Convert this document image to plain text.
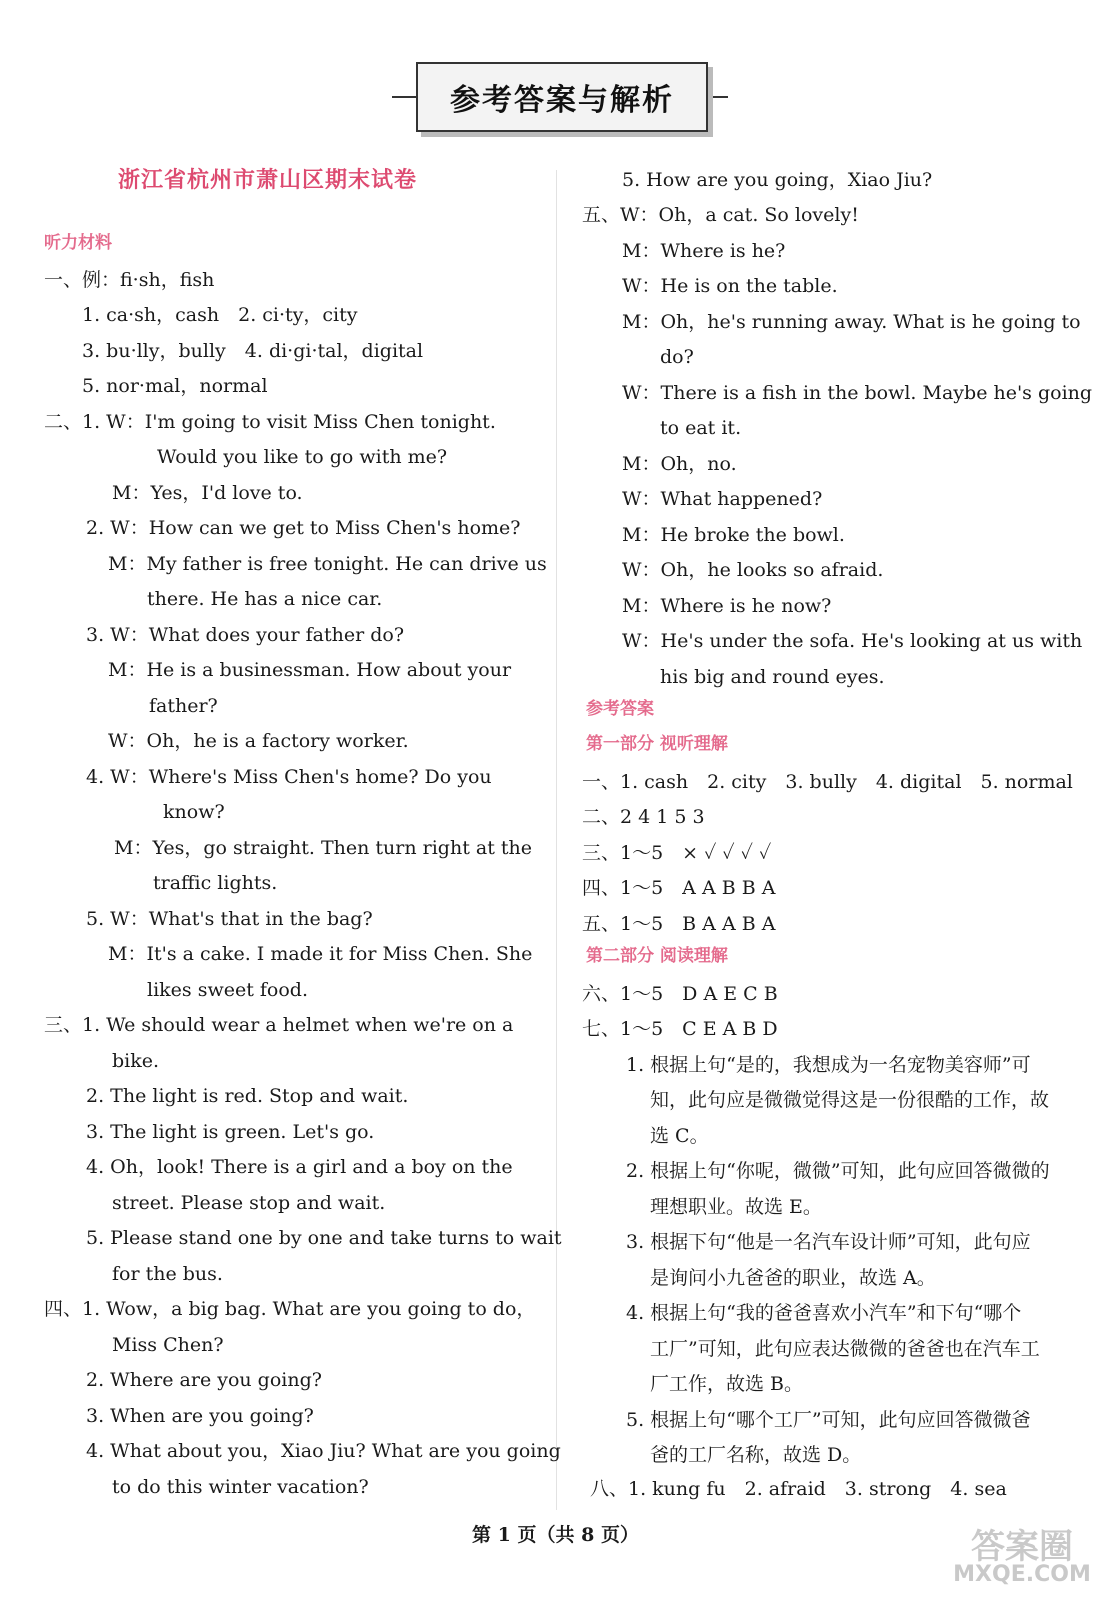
参考答案与解析
浙江省杭州市萧山区期末试卷
听力材料
一、例：fi·sh，fish
1. ca·sh，cash　2. ci·ty，city
3. bu·lly，bully　4. di·gi·tal，digital
5. nor·mal，normal
二、1. W：I'm going to visit Miss Chen tonight.
Would you like to go with me?
M：Yes，I'd love to.
2. W：How can we get to Miss Chen's home?
M：My father is free tonight. He can drive us
there. He has a nice car.
3. W：What does your father do?
M：He is a businessman. How about your
father?
W：Oh，he is a factory worker.
4. W：Where's Miss Chen's home? Do you
know?
M：Yes，go straight. Then turn right at the
traffic lights.
5. W：What's that in the bag?
M：It's a cake. I made it for Miss Chen. She
likes sweet food.
三、1. We should wear a helmet when we're on a
bike.
2. The light is red. Stop and wait.
3. The light is green. Let's go.
4. Oh，look! There is a girl and a boy on the
street. Please stop and wait.
5. Please stand one by one and take turns to wait
for the bus.
四、1. Wow，a big bag. What are you going to do，
Miss Chen?
2. Where are you going?
3. When are you going?
4. What about you，Xiao Jiu? What are you going
to do this winter vacation?
5. How are you going，Xiao Jiu?
五、W：Oh，a cat. So lovely!
M：Where is he?
W：He is on the table.
M：Oh，he's running away. What is he going to
do?
W：There is a fish in the bowl. Maybe he's going
to eat it.
M：Oh，no.
W：What happened?
M：He broke the bowl.
W：Oh，he looks so afraid.
M：Where is he now?
W：He's under the sofa. He's looking at us with
his big and round eyes.
参考答案
第一部分 视听理解
一、1. cash　2. city　3. bully　4. digital　5. normal
二、2 4 1 5 3
三、1～5　× ✓ ✓ ✓ ✓
四、1～5　A A B B A
五、1～5　B A A B A
第二部分 阅读理解
六、1～5　D A E C B
七、1～5　C E A B D
1. 根据上句“是的，我想成为一名宠物美容师”可
知，此句应是微微觉得这是一份很酷的工作，故
选 C。
2. 根据上句“你呢，微微”可知，此句应回答微微的
理想职业。故选 E。
3. 根据下句“他是一名汽车设计师”可知，此句应
是询问小九爸爸的职业，故选 A。
4. 根据上句“我的爸爸喜欢小汽车”和下句“哪个
工厂”可知，此句应表达微微的爸爸也在汽车工
厂工作，故选 B。
5. 根据上句“哪个工厂”可知，此句应回答微微爸
爸的工厂名称，故选 D。
八、1. kung fu　2. afraid　3. strong　4. sea
第 1 页（共 8 页）	答案圈
MXQE.COM
